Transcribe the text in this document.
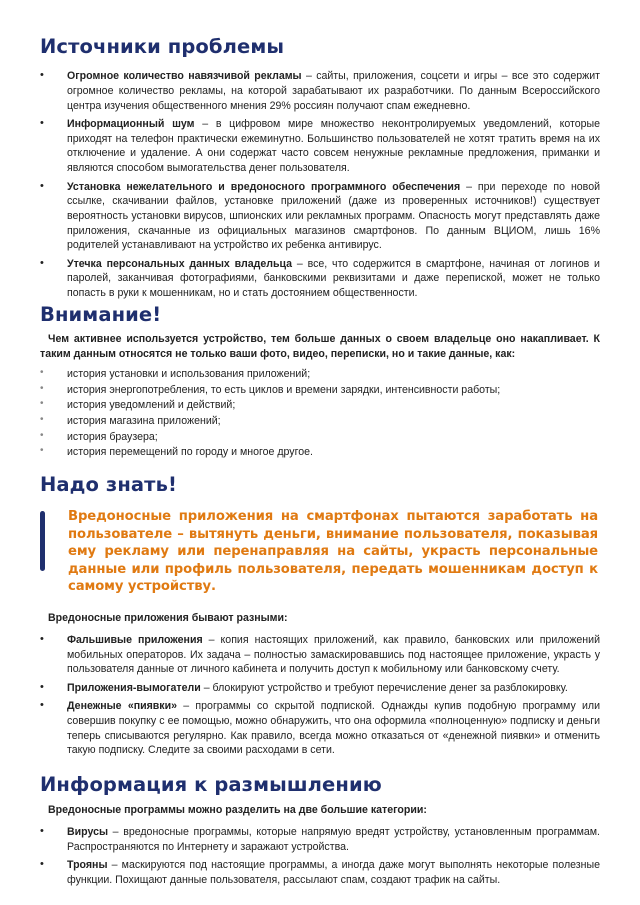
Источники проблемы
• Огромное количество навязчивой рекламы – сайты, приложения, соцсети и игры – все это содержит огромное количество рекламы, на которой зарабатывают их разработчики. По данным Всероссийского центра изучения общественного мнения 29% россиян получают спам ежедневно.
• Информационный шум – в цифровом мире множество неконтролируемых уведомлений, которые приходят на телефон практически ежеминутно. Большинство пользователей не хотят тратить время на их отключение и удаление. А они содержат часто совсем ненужные рекламные предложения, приманки и являются способом вымогательства денег пользователя.
• Установка нежелательного и вредоносного программного обеспечения – при переходе по новой ссылке, скачивании файлов, установке приложений (даже из проверенных источников!) существует вероятность установки вирусов, шпионских или рекламных программ. Опасность могут представлять даже приложения, скачанные из официальных магазинов смартфонов. По данным ВЦИОМ, лишь 16% родителей устанавливают на устройство их ребенка антивирус.
• Утечка персональных данных владельца – все, что содержится в смартфоне, начиная от логинов и паролей, заканчивая фотографиями, банковскими реквизитами и даже перепиской, может не только попасть в руки к мошенникам, но и стать достоянием общественности.
Внимание!

Чем активнее используется устройство, тем больше данных о своем владельце оно накапливает. К таким данным относятся не только ваши фото, видео, переписки, но и такие данные, как:

• история установки и использования приложений;
• история энергопотребления, то есть циклов и времени зарядки, интенсивности работы;
• история уведомлений и действий;
• история магазина приложений;
• история браузера;
• история перемещений по городу и многое другое.
Надо знать!

Вредоносные приложения на смартфонах пытаются заработать на пользователе – вытянуть деньги, внимание пользователя, показывая ему рекламу или перенаправляя на сайты, украсть персональные данные или профиль пользователя, передать мошенникам доступ к самому устройству.

Вредоносные приложения бывают разными:

• Фальшивые приложения – копия настоящих приложений, как правило, банковских или приложений мобильных операторов. Их задача – полностью замаскировавшись под настоящее приложение, украсть у пользователя данные от личного кабинета и получить доступ к мобильному или банковскому счету.
• Приложения-вымогатели – блокируют устройство и требуют перечисление денег за разблокировку.
• Денежные «пиявки» – программы со скрытой подпиской. Однажды купив подобную программу или совершив покупку с ее помощью, можно обнаружить, что она оформила «полноценную» подписку и деньги теперь списываются регулярно. Как правило, всегда можно отказаться от «денежной пиявки» и отменить такую подписку. Следите за своими расходами в сети.
Информация к размышлению

Вредоносные программы можно разделить на две большие категории:

• Вирусы – вредоносные программы, которые напрямую вредят устройству, установленным программам. Распространяются по Интернету и заражают устройства.
• Трояны – маскируются под настоящие программы, а иногда даже могут выполнять некоторые полезные функции. Похищают данные пользователя, рассылают спам, создают трафик на сайты.
